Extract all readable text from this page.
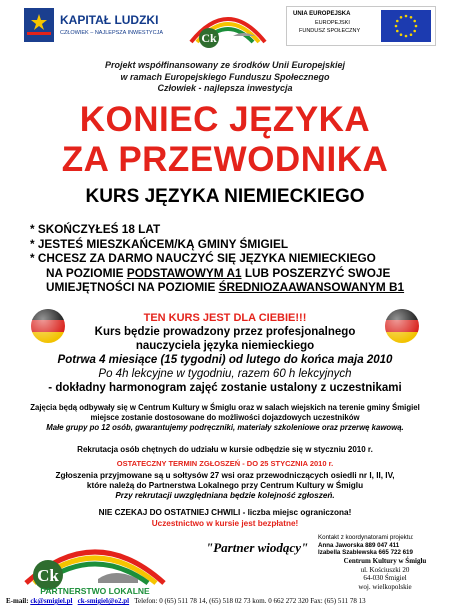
KAPITAŁ LUDZKI
CZŁOWIEK – NAJLEPSZA INWESTYCJA	Ck
UNIA EUROPEJSKA
EUROPEJSKI
FUNDUSZ SPOŁECZNY
Projekt współfinansowany ze środków Unii Europejskiej
w ramach Europejskiego Funduszu Społecznego
Człowiek - najlepsza inwestycja
KONIEC JĘZYKA
ZA PRZEWODNIKA
KURS JĘZYKA NIEMIECKIEGO
* SKOŃCZYŁEŚ 18 LAT
* JESTEŚ MIESZKAŃCEM/KĄ GMINY ŚMIGIEL
* CHCESZ ZA DARMO NAUCZYĆ SIĘ JĘZYKA NIEMIECKIEGO
NA POZIOMIE PODSTAWOWYM A1 LUB POSZERZYĆ SWOJE
UMIEJĘTNOŚCI NA POZIOMIE ŚREDNIOZAAWANSOWANYM B1
TEN KURS JEST DLA CIEBIE!!!
Kurs będzie prowadzony przez profesjonalnego
nauczyciela języka niemieckiego
Potrwa 4 miesiące (15 tygodni) od lutego do końca maja 2010
Po 4h lekcyjne w tygodniu, razem 60 h lekcyjnych
- dokładny harmonogram zajęć zostanie ustalony z uczestnikami
Zajęcia będą odbywały się w Centrum Kultury w Śmiglu oraz w salach wiejskich na terenie gminy Śmigiel
miejsce zostanie dostosowane do możliwości dojazdowych uczestników
Małe grupy po 12 osób, gwarantujemy podręczniki, materiały szkoleniowe oraz przerwę kawową.
Rekrutacja osób chętnych do udziału w kursie odbędzie się w styczniu 2010 r.
OSTATECZNY TERMIN ZGŁOSZEŃ - DO 25 STYCZNIA 2010 r.
Zgłoszenia przyjmowane są u sołtysów 27 wsi oraz przewodniczących osiedli nr I, II, IV,
które należą do Partnerstwa Lokalnego przy Centrum Kultury w Śmiglu
Przy rekrutacji uwzględniana będzie kolejność zgłoszeń.
NIE CZEKAJ DO OSTATNIEJ CHWILI - liczba miejsc ograniczona!
Uczestnictwo w kursie jest bezpłatne!
Ck
PARTNERSTWO LOKALNE
"Partner wiodący"
Kontakt z koordynatorami projektu:
Anna Jaworska 889 047 411
Izabella Szablewska 665 722 619
Centrum Kultury w Śmiglu
ul. Kościuszki 20
64-030 Śmigiel
woj. wielkopolskie
E-mail: ck@smigiel.pl ck-smigiel@o2.pl Telefon: 0 (65) 511 78 14, (65) 518 02 73 kom. 0 662 272 320 Fax: (65) 511 78 13
